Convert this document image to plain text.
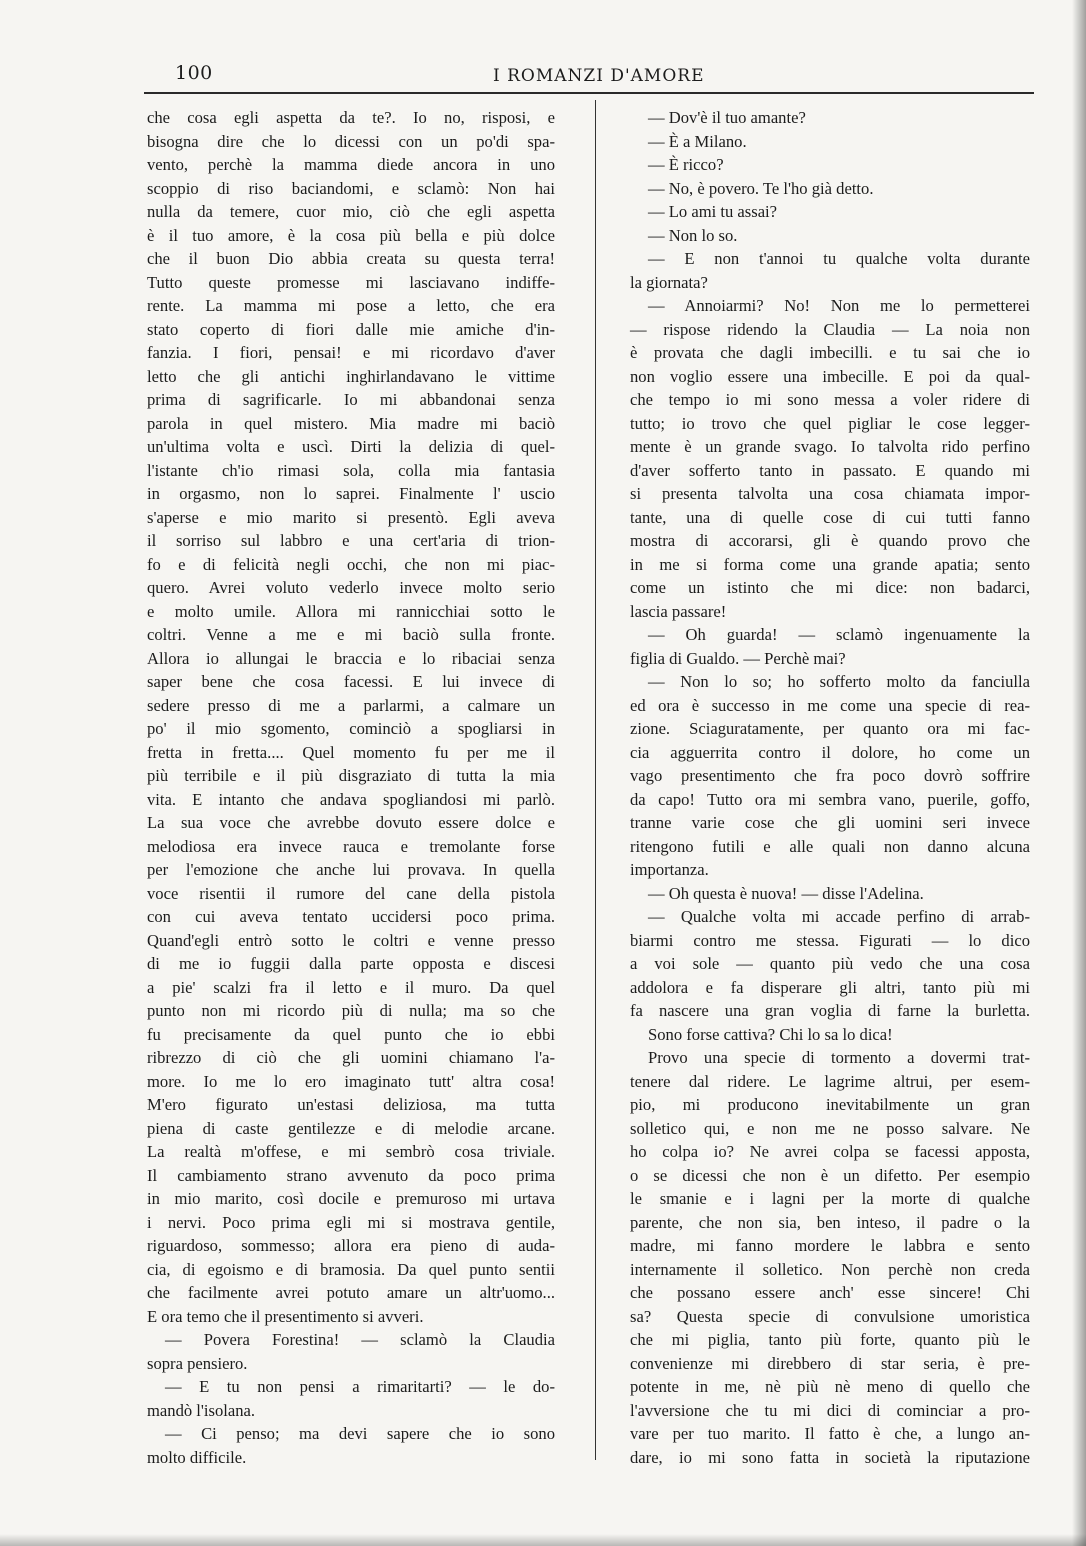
100	I ROMANZI D'AMORE
che cosa egli aspetta da te?. Io no, risposi, e
bisogna dire che lo dicessi con un po'di spa-
vento, perchè la mamma diede ancora in uno
scoppio di riso baciandomi, e sclamò: Non hai
nulla da temere, cuor mio, ciò che egli aspetta
è il tuo amore, è la cosa più bella e più dolce
che il buon Dio abbia creata su questa terra!
Tutto queste promesse mi lasciavano indiffe-
rente. La mamma mi pose a letto, che era
stato coperto di fiori dalle mie amiche d'in-
fanzia. I fiori, pensai! e mi ricordavo d'aver
letto che gli antichi inghirlandavano le vittime
prima di sagrificarle. Io mi abbandonai senza
parola in quel mistero. Mia madre mi baciò
un'ultima volta e uscì. Dirti la delizia di quel-
l'istante ch'io rimasi sola, colla mia fantasia
in orgasmo, non lo saprei. Finalmente l' uscio
s'aperse e mio marito si presentò. Egli aveva
il sorriso sul labbro e una cert'aria di trion-
fo e di felicità negli occhi, che non mi piac-
quero. Avrei voluto vederlo invece molto serio
e molto umile. Allora mi rannicchiai sotto le
coltri. Venne a me e mi baciò sulla fronte.
Allora io allungai le braccia e lo ribaciai senza
saper bene che cosa facessi. E lui invece di
sedere presso di me a parlarmi, a calmare un
po' il mio sgomento, cominciò a spogliarsi in
fretta in fretta.... Quel momento fu per me il
più terribile e il più disgraziato di tutta la mia
vita. E intanto che andava spogliandosi mi parlò.
La sua voce che avrebbe dovuto essere dolce e
melodiosa era invece rauca e tremolante forse
per l'emozione che anche lui provava. In quella
voce risentii il rumore del cane della pistola
con cui aveva tentato uccidersi poco prima.
Quand'egli entrò sotto le coltri e venne presso
di me io fuggii dalla parte opposta e discesi
a pie' scalzi fra il letto e il muro. Da quel
punto non mi ricordo più di nulla; ma so che
fu precisamente da quel punto che io ebbi
ribrezzo di ciò che gli uomini chiamano l'a-
more. Io me lo ero imaginato tutt' altra cosa!
M'ero figurato un'estasi deliziosa, ma tutta
piena di caste gentilezze e di melodie arcane.
La realtà m'offese, e mi sembrò cosa triviale.
Il cambiamento strano avvenuto da poco prima
in mio marito, così docile e premuroso mi urtava
i nervi. Poco prima egli mi si mostrava gentile,
riguardoso, sommesso; allora era pieno di auda-
cia, di egoismo e di bramosia. Da quel punto sentii
che facilmente avrei potuto amare un altr'uomo...
E ora temo che il presentimento si avveri.
— Povera Forestina! — sclamò la Claudia
sopra pensiero.
— E tu non pensi a rimaritarti? — le do-
mandò l'isolana.
— Ci penso; ma devi sapere che io sono
molto difficile.
— Dov'è il tuo amante?
— È a Milano.
— È ricco?
— No, è povero. Te l'ho già detto.
— Lo ami tu assai?
— Non lo so.
— E non t'annoi tu qualche volta durante
la giornata?
— Annoiarmi? No! Non me lo permetterei
— rispose ridendo la Claudia — La noia non
è provata che dagli imbecilli. e tu sai che io
non voglio essere una imbecille. E poi da qual-
che tempo io mi sono messa a voler ridere di
tutto; io trovo che quel pigliar le cose legger-
mente è un grande svago. Io talvolta rido perfino
d'aver sofferto tanto in passato. E quando mi
si presenta talvolta una cosa chiamata impor-
tante, una di quelle cose di cui tutti fanno
mostra di accorarsi, gli è quando provo che
in me si forma come una grande apatia; sento
come un istinto che mi dice: non badarci,
lascia passare!
— Oh guarda! — sclamò ingenuamente la
figlia di Gualdo. — Perchè mai?
— Non lo so; ho sofferto molto da fanciulla
ed ora è successo in me come una specie di rea-
zione. Sciaguratamente, per quanto ora mi fac-
cia agguerrita contro il dolore, ho come un
vago presentimento che fra poco dovrò soffrire
da capo! Tutto ora mi sembra vano, puerile, goffo,
tranne varie cose che gli uomini seri invece
ritengono futili e alle quali non danno alcuna
importanza.
— Oh questa è nuova! — disse l'Adelina.
— Qualche volta mi accade perfino di arrab-
biarmi contro me stessa. Figurati — lo dico
a voi sole — quanto più vedo che una cosa
addolora e fa disperare gli altri, tanto più mi
fa nascere una gran voglia di farne la burletta.
Sono forse cattiva? Chi lo sa lo dica!
Provo una specie di tormento a dovermi trat-
tenere dal ridere. Le lagrime altrui, per esem-
pio, mi producono inevitabilmente un gran
solletico qui, e non me ne posso salvare. Ne
ho colpa io? Ne avrei colpa se facessi apposta,
o se dicessi che non è un difetto. Per esempio
le smanie e i lagni per la morte di qualche
parente, che non sia, ben inteso, il padre o la
madre, mi fanno mordere le labbra e sento
internamente il solletico. Non perchè non creda
che possano essere anch' esse sincere! Chi
sa? Questa specie di convulsione umoristica
che mi piglia, tanto più forte, quanto più le
convenienze mi direbbero di star seria, è pre-
potente in me, nè più nè meno di quello che
l'avversione che tu mi dici di cominciar a pro-
vare per tuo marito. Il fatto è che, a lungo an-
dare, io mi sono fatta in società la riputazione
